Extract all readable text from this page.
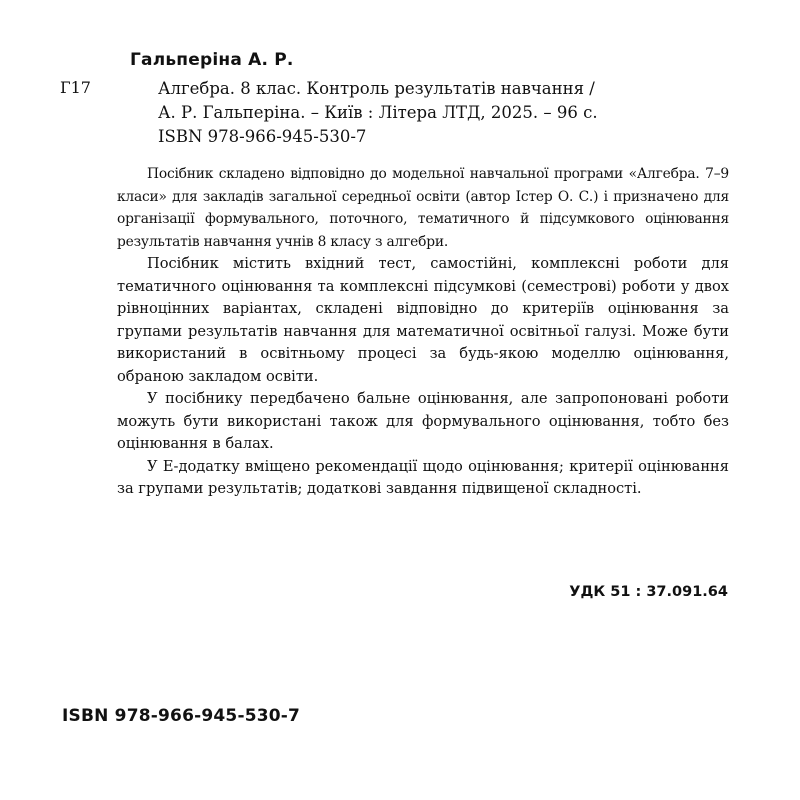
Гальперіна А. Р.
Г17	Алгебра. 8 клас. Контроль результатів навчання /
А. Р. Гальперіна. – Київ : Літера ЛТД, 2025. – 96 с.
ISBN 978-966-945-530-7

Посібник складено відповідно до модельної навчальної програми «Алгебра. 7–9 класи» для закладів загальної середньої освіти (автор Істер О. С.) і призначено для організації формувального, поточного, тематичного й підсумкового оцінювання результатів навчання учнів 8 класу з алгебри.

Посібник містить вхідний тест, самостійні, комплексні роботи для тематичного оцінювання та комплексні підсумкові (семестрові) роботи у двох рівноцінних варіантах, складені відповідно до критеріїв оцінювання за групами результатів навчання для математичної освітньої галузі. Може бути використаний в освітньому процесі за будь-якою моделлю оцінювання, обраною закладом освіти.

У посібнику передбачено бальне оцінювання, але запропоновані роботи можуть бути використані також для формувального оцінювання, тобто без оцінювання в балах.

У Е-додатку вміщено рекомендації щодо оцінювання; критерії оцінювання за групами результатів; додаткові завдання підвищеної складності.

УДК 51 : 37.091.64
ISBN 978-966-945-530-7
